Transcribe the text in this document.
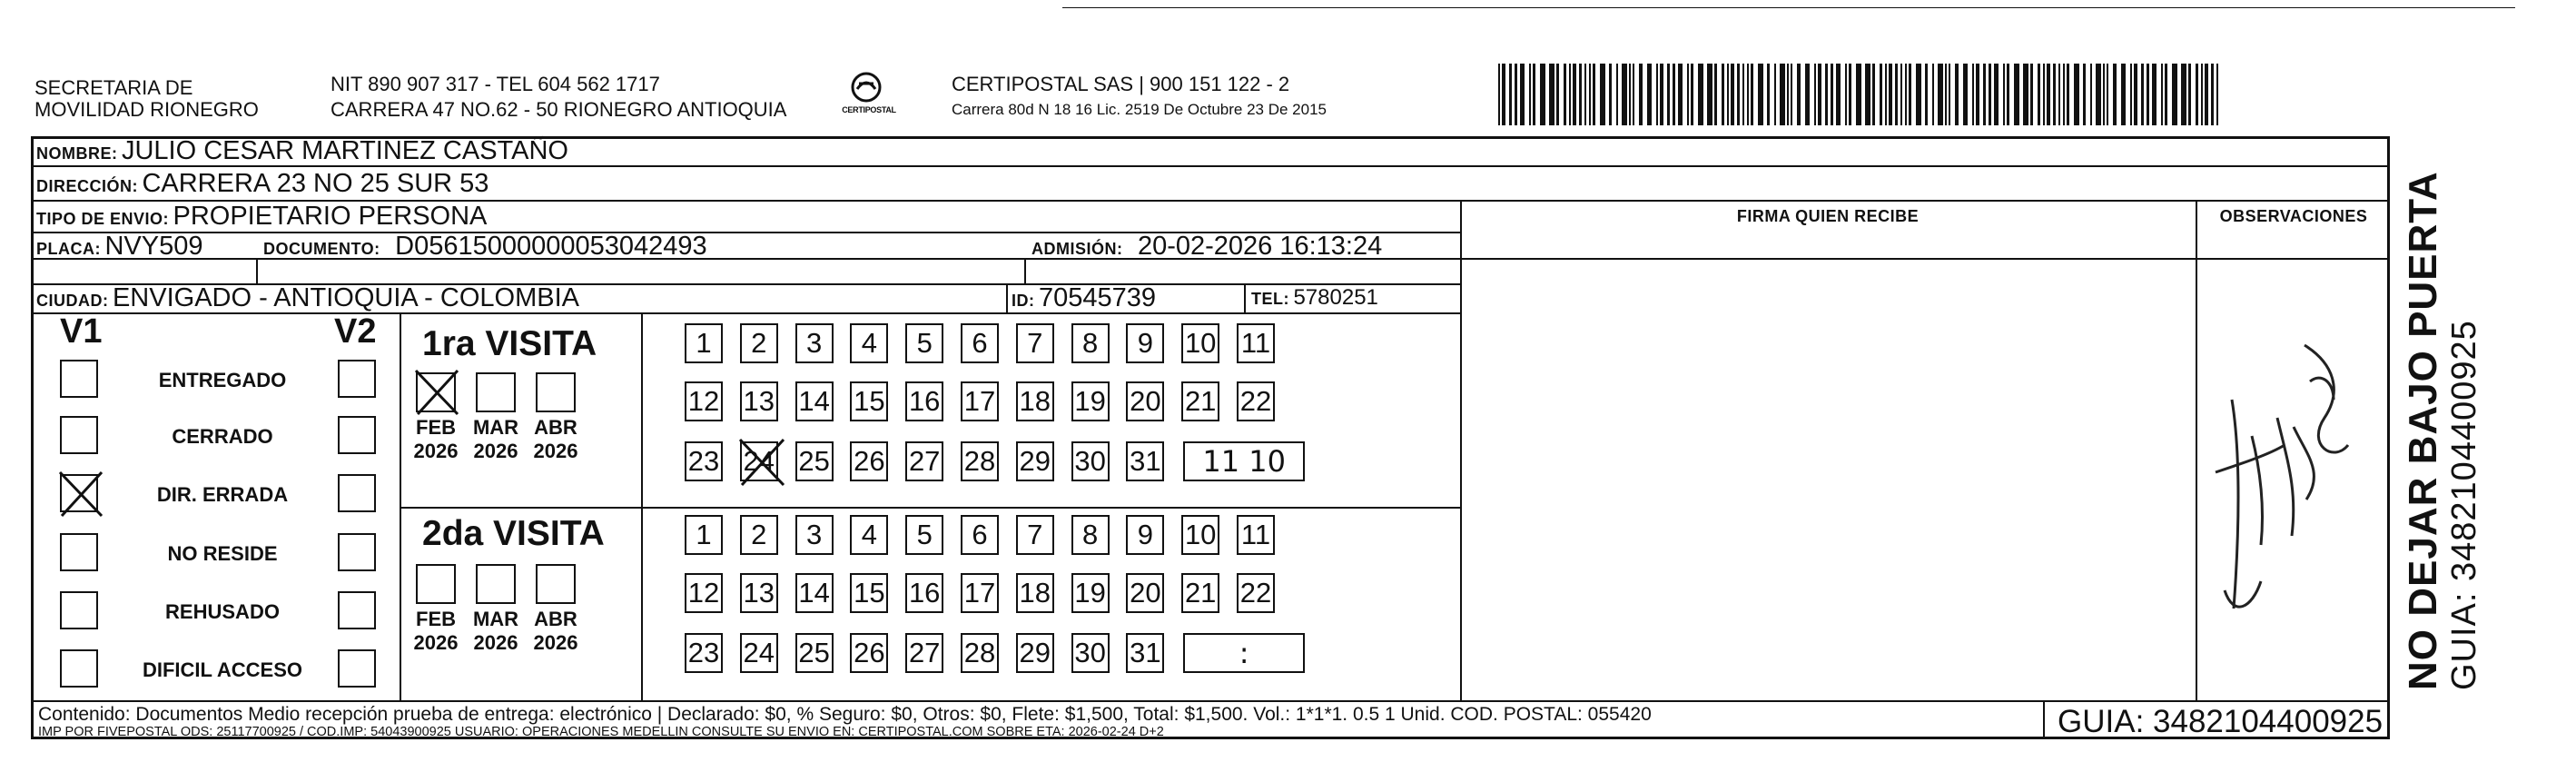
SECRETARIA DE
MOVILIDAD RIONEGRO
NIT 890 907 317 - TEL 604 562 1717
CARRERA 47 NO.62 - 50 RIONEGRO ANTIOQUIA	CERTIPOSTAL
CERTIPOSTAL SAS | 900 151 122 - 2
Carrera 80d N 18 16 Lic. 2519 De Octubre 23 De 2015
NOMBRE: JULIO CESAR MARTINEZ CASTAÑO
DIRECCIÓN: CARRERA 23 NO 25 SUR 53
TIPO DE ENVIO: PROPIETARIO PERSONA	FIRMA QUIEN RECIBE	OBSERVACIONES
PLACA: NVY509	DOCUMENTO: D05615000000053042493	ADMISIÓN: 20-02-2026 16:13:24
CIUDAD: ENVIGADO - ANTIOQUIA - COLOMBIA	ID: 70545739	TEL: 5780251
V1	V2
ENTREGADO
CERRADO
DIR. ERRADA
NO RESIDE
REHUSADO
DIFICIL ACCESO
1ra VISITA
FEB
2026
MAR
2026
ABR
2026
1	2	3	4	5	6	7	8	9	10 11
12 13 14 15 16 17 18 19 20 21 22
23 24 25 26 27 28 29 30 31	11 10
2da VISITA
FEB
2026
MAR
2026
ABR
2026
1	2	3	4	5	6	7	8	9	10 11
12 13 14 15 16 17 18 19 20 21 22
23 24 25 26 27 28 29 30 31	:	NO DEJAR BAJO PUERTA GUIA: 3482104400925
Contenido: Documentos Medio recepción prueba de entrega: electrónico | Declarado: $0, % Seguro: $0, Otros: $0, Flete: $1,500, Total: $1,500. Vol.: 1*1*1. 0.5 1 Unid. COD. POSTAL: 055420
IMP POR FIVEPOSTAL ODS: 25117700925 / COD.IMP: 54043900925 USUARIO: OPERACIONES MEDELLIN CONSULTE SU ENVIO EN: CERTIPOSTAL.COM SOBRE ETA: 2026-02-24 D+2	GUIA: 3482104400925
